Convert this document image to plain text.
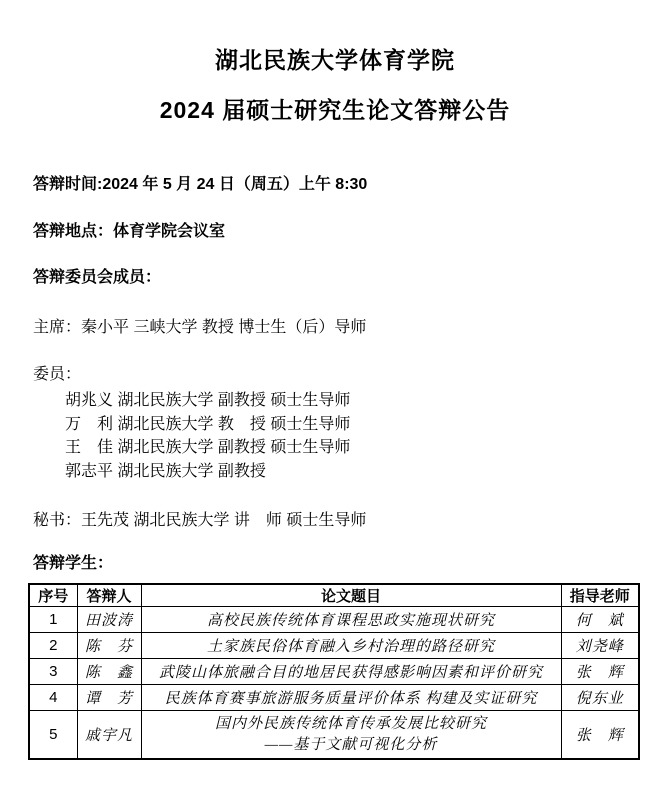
湖北民族大学体育学院
2024 届硕士研究生论文答辩公告

答辩时间:2024 年 5 月 24 日（周五）上午 8:30

答辩地点：体育学院会议室

答辩委员会成员：

主席：秦小平 三峡大学 教授 博士生（后）导师

委员：

胡兆义 湖北民族大学 副教授 硕士生导师
万　利 湖北民族大学 教　授 硕士生导师
王　佳 湖北民族大学 副教授 硕士生导师
郭志平 湖北民族大学 副教授

秘书：王先茂 湖北民族大学 讲　师 硕士生导师

答辩学生：

序号	答辩人	论文题目	指导老师
1	田波涛	高校民族传统体育课程思政实施现状研究	何　斌
2	陈　芬	土家族民俗体育融入乡村治理的路径研究	刘尧峰
3	陈　鑫	武陵山体旅融合目的地居民获得感影响因素和评价研究	张　辉
4	谭　芳	民族体育赛事旅游服务质量评价体系 构建及实证研究	倪东业
5	戚宇凡	国内外民族传统体育传承发展比较研究
——基于文献可视化分析	张　辉
